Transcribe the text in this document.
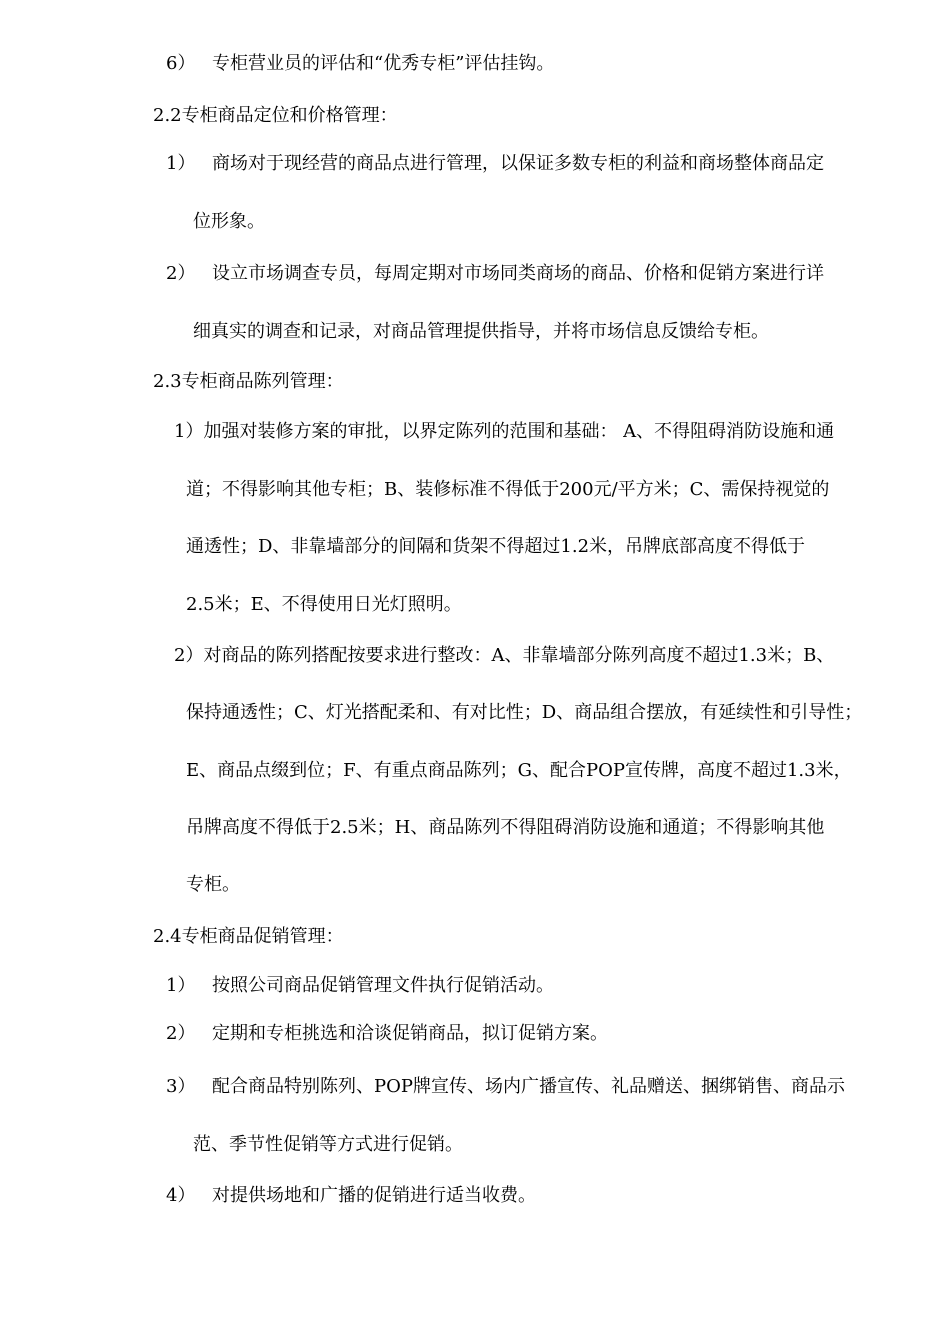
6） 专柜营业员的评估和“优秀专柜”评估挂钩。
2.2专柜商品定位和价格管理：
1） 商场对于现经营的商品点进行管理，以保证多数专柜的利益和商场整体商品定
位形象。
2） 设立市场调查专员，每周定期对市场同类商场的商品、价格和促销方案进行详
细真实的调查和记录，对商品管理提供指导，并将市场信息反馈给专柜。
2.3专柜商品陈列管理：
1）加强对装修方案的审批，以界定陈列的范围和基础： A、不得阻碍消防设施和通
道；不得影响其他专柜；B、装修标准不得低于200元/平方米；C、需保持视觉的
通透性；D、非靠墙部分的间隔和货架不得超过1.2米，吊牌底部高度不得低于
2.5米；E、不得使用日光灯照明。
2）对商品的陈列搭配按要求进行整改：A、非靠墙部分陈列高度不超过1.3米；B、
保持通透性；C、灯光搭配柔和、有对比性；D、商品组合摆放，有延续性和引导性；
E、商品点缀到位；F、有重点商品陈列；G、配合POP宣传牌，高度不超过1.3米，
吊牌高度不得低于2.5米；H、商品陈列不得阻碍消防设施和通道；不得影响其他
专柜。
2.4专柜商品促销管理：
1） 按照公司商品促销管理文件执行促销活动。
2） 定期和专柜挑选和洽谈促销商品，拟订促销方案。
3） 配合商品特别陈列、POP牌宣传、场内广播宣传、礼品赠送、捆绑销售、商品示
范、季节性促销等方式进行促销。
4） 对提供场地和广播的促销进行适当收费。
